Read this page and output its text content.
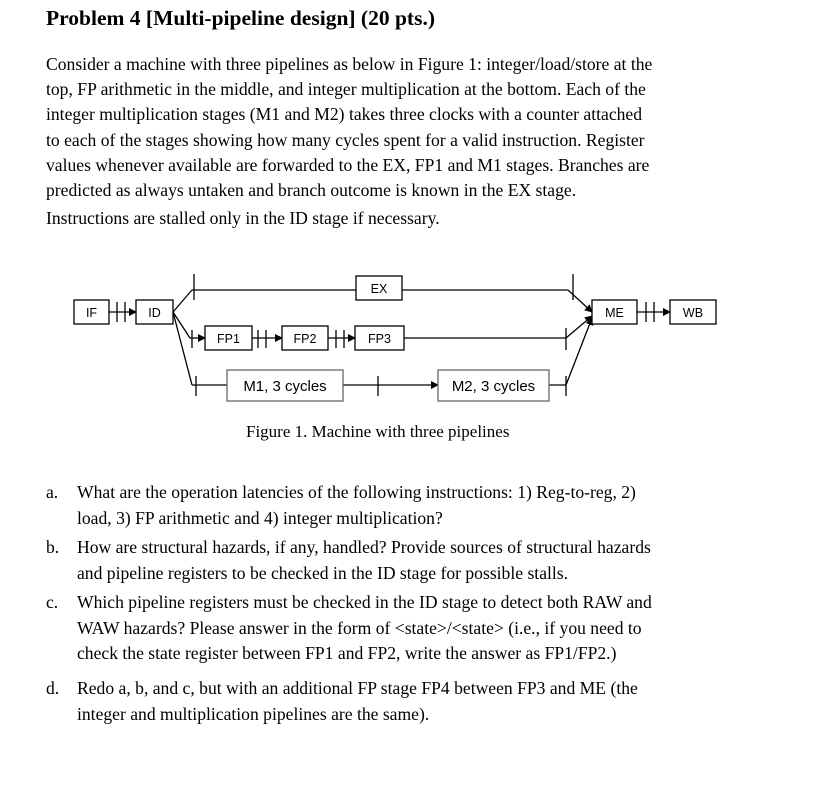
Problem 4 [Multi-pipeline design] (20 pts.)
Consider a machine with three pipelines as below in Figure 1: integer/load/store at the
top, FP arithmetic in the middle, and integer multiplication at the bottom. Each of the
integer multiplication stages (M1 and M2) takes three clocks with a counter attached
to each of the stages showing how many cycles spent for a valid instruction. Register
values whenever available are forwarded to the EX, FP1 and M1 stages. Branches are
predicted as always untaken and branch outcome is known in the EX stage.
Instructions are stalled only in the ID stage if necessary.
IF	ID
EX
FP1	FP2	FP3
M1, 3 cycles	M2, 3 cycles
ME	WB
Figure 1. Machine with three pipelines
a. What are the operation latencies of the following instructions: 1) Reg-to-reg, 2)
load, 3) FP arithmetic and 4) integer multiplication?
b. How are structural hazards, if any, handled? Provide sources of structural hazards
and pipeline registers to be checked in the ID stage for possible stalls.
c. Which pipeline registers must be checked in the ID stage to detect both RAW and
WAW hazards? Please answer in the form of <state>/<state> (i.e., if you need to
check the state register between FP1 and FP2, write the answer as FP1/FP2.)
d. Redo a, b, and c, but with an additional FP stage FP4 between FP3 and ME (the
integer and multiplication pipelines are the same).
